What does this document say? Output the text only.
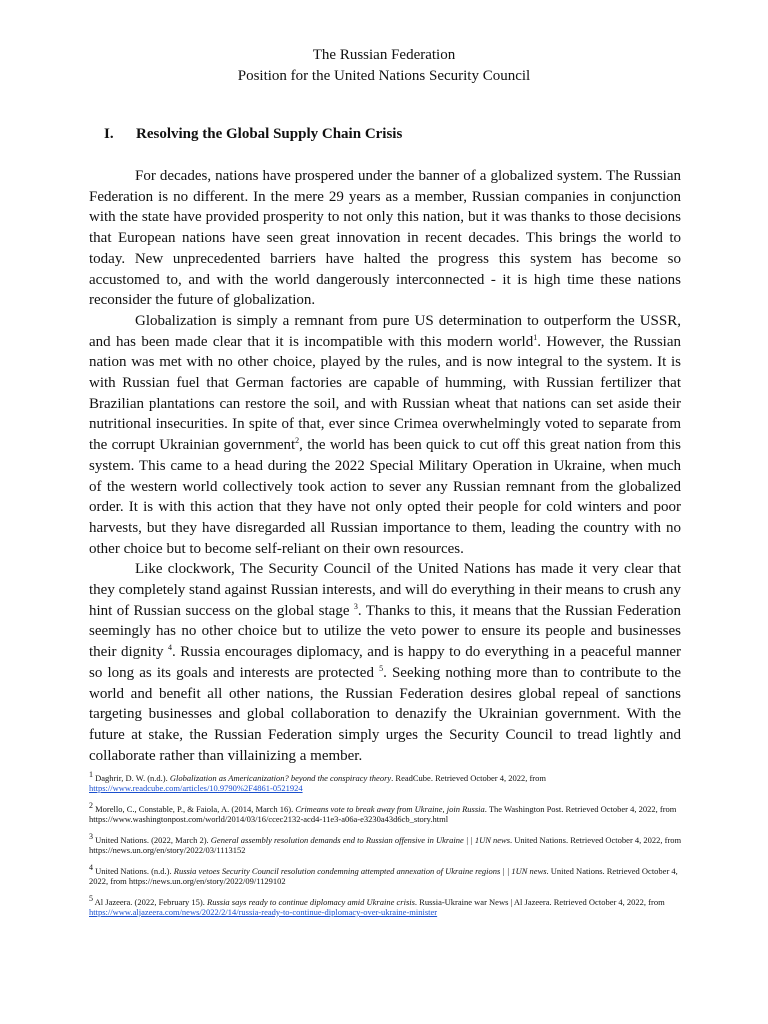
The Russian Federation
Position for the United Nations Security Council
I. Resolving the Global Supply Chain Crisis

For decades, nations have prospered under the banner of a globalized system. The Russian Federation is no different. In the mere 29 years as a member, Russian companies in conjunction with the state have provided prosperity to not only this nation, but it was thanks to those decisions that European nations have seen great innovation in recent decades. This brings the world to today. New unprecedented barriers have halted the progress this system has become so accustomed to, and with the world dangerously interconnected - it is high time these nations reconsider the future of globalization.

Globalization is simply a remnant from pure US determination to outperform the USSR, and has been made clear that it is incompatible with this modern world$^1$. However, the Russian nation was met with no other choice, played by the rules, and is now integral to the system. It is with Russian fuel that German factories are capable of humming, with Russian fertilizer that Brazilian plantations can restore the soil, and with Russian wheat that nations can set aside their nutritional insecurities. In spite of that, ever since Crimea overwhelmingly voted to separate from the corrupt Ukrainian government$^2$, the world has been quick to cut off this great nation from this system. This came to a head during the 2022 Special Military Operation in Ukraine, when much of the western world collectively took action to sever any Russian remnant from the globalized order. It is with this action that they have not only opted their people for cold winters and poor harvests, but they have disregarded all Russian importance to them, leading the country with no other choice but to become self-reliant on their own resources.

Like clockwork, The Security Council of the United Nations has made it very clear that they completely stand against Russian interests, and will do everything in their means to crush any hint of Russian success on the global stage $^3$. Thanks to this, it means that the Russian Federation seemingly has no other choice but to utilize the veto power to ensure its people and businesses their dignity $^4$. Russia encourages diplomacy, and is happy to do everything in a peaceful manner so long as its goals and interests are protected $^5$. Seeking nothing more than to contribute to the world and benefit all other nations, the Russian Federation desires global repeal of sanctions targeting businesses and global collaboration to denazify the Ukrainian government. With the future at stake, the Russian Federation simply urges the Security Council to tread lightly and collaborate rather than villainizing a member.

$^1$ Daghrir, D. W. (n.d.). Globalization as Americanization? beyond the conspiracy theory. ReadCube. Retrieved October 4, 2022, from https://www.readcube.com/articles/10.9790%2F4861-0521924
$^2$ Morello, C., Constable, P., & Faiola, A. (2014, March 16). Crimeans vote to break away from Ukraine, join Russia. The Washington Post. Retrieved October 4, 2022, from https://www.washingtonpost.com/world/2014/03/16/ccec2132-acd4-11e3-a06a-e3230a43d6cb_story.html
$^3$ United Nations. (2022, March 2). General assembly resolution demands end to Russian offensive in Ukraine | | 1UN news. United Nations. Retrieved October 4, 2022, from https://news.un.org/en/story/2022/03/1113152
$^4$ United Nations. (n.d.). Russia vetoes Security Council resolution condemning attempted annexation of Ukraine regions | | 1UN news. United Nations. Retrieved October 4, 2022, from https://news.un.org/en/story/2022/09/1129102
$^5$ Al Jazeera. (2022, February 15). Russia says ready to continue diplomacy amid Ukraine crisis. Russia-Ukraine war News | Al Jazeera. Retrieved October 4, 2022, from https://www.aljazeera.com/news/2022/2/14/russia-ready-to-continue-diplomacy-over-ukraine-minister
